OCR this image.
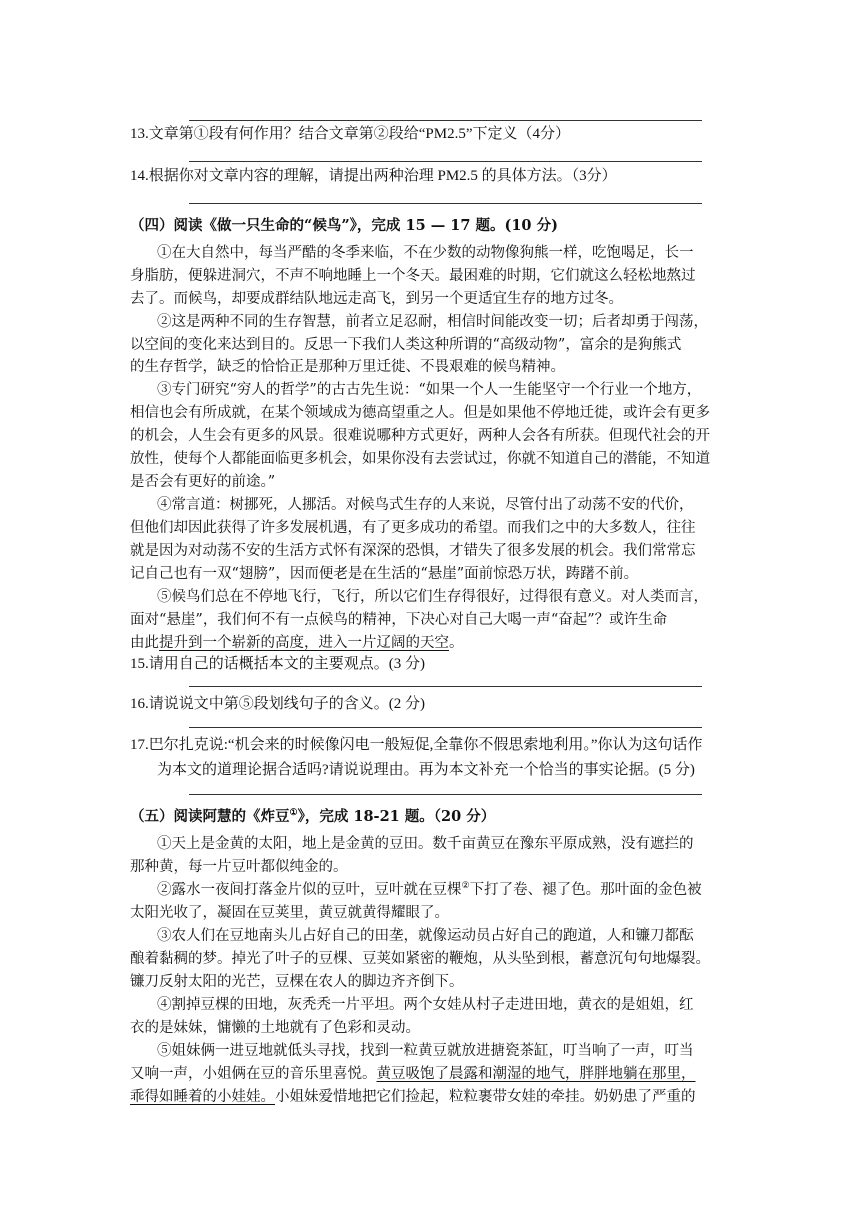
13.文章第①段有何作用？结合文章第②段给“PM2.5”下定义（4分）
14.根据你对文章内容的理解，请提出两种治理 PM2.5 的具体方法。（3分）
（四）阅读《做一只生命的“候鸟”》，完成 15 — 17 题。(10 分)
①在大自然中，每当严酷的冬季来临，不在少数的动物像狗熊一样，吃饱喝足，长一
身脂肪，便躲进洞穴，不声不响地睡上一个冬天。最困难的时期，它们就这么轻松地熬过
去了。而候鸟，却要成群结队地远走高飞，到另一个更适宜生存的地方过冬。
②这是两种不同的生存智慧，前者立足忍耐，相信时间能改变一切；后者却勇于闯荡，
以空间的变化来达到目的。反思一下我们人类这种所谓的“高级动物”，富余的是狗熊式
的生存哲学，缺乏的恰恰正是那种万里迁徙、不畏艰难的候鸟精神。
③专门研究“穷人的哲学”的古古先生说：“如果一个人一生能坚守一个行业一个地方，
相信也会有所成就，在某个领域成为德高望重之人。但是如果他不停地迁徙，或许会有更多
的机会，人生会有更多的风景。很难说哪种方式更好，两种人会各有所获。但现代社会的开
放性，使每个人都能面临更多机会，如果你没有去尝试过，你就不知道自己的潜能，不知道
是否会有更好的前途。”
④常言道：树挪死，人挪活。对候鸟式生存的人来说，尽管付出了动荡不安的代价，
但他们却因此获得了许多发展机遇，有了更多成功的希望。而我们之中的大多数人，往往
就是因为对动荡不安的生活方式怀有深深的恐惧，才错失了很多发展的机会。我们常常忘
记自己也有一双“翅膀”，因而便老是在生活的“悬崖”面前惊恐万状，踌躇不前。
⑤候鸟们总在不停地飞行，飞行，所以它们生存得很好，过得很有意义。对人类而言，
面对“悬崖”，我们何不有一点候鸟的精神，下决心对自己大喝一声“奋起”？或许生命
由此提升到一个崭新的高度，进入一片辽阔的天空。
15.请用自己的话概括本文的主要观点。(3 分)
16.请说说文中第⑤段划线句子的含义。(2 分)
17.巴尔扎克说:“机会来的时候像闪电一般短促,全靠你不假思索地利用。”你认为这句话作
为本文的道理论据合适吗?请说说理由。再为本文补充一个恰当的事实论据。(5 分)
（五）阅读阿慧的《炸豆①》，完成 18-21 题。（20 分）
①天上是金黄的太阳，地上是金黄的豆田。数千亩黄豆在豫东平原成熟，没有遮拦的
那种黄，每一片豆叶都似纯金的。
②露水一夜间打落金片似的豆叶，豆叶就在豆棵②下打了卷、褪了色。那叶面的金色被
太阳光收了，凝固在豆荚里，黄豆就黄得耀眼了。
③农人们在豆地南头儿占好自己的田垄，就像运动员占好自己的跑道，人和镰刀都酝
酿着黏稠的梦。掉光了叶子的豆棵、豆荚如紧密的鞭炮，从头坠到根，蓄意沉句句地爆裂。
镰刀反射太阳的光芒，豆棵在农人的脚边齐齐倒下。
④割掉豆棵的田地，灰秃秃一片平坦。两个女娃从村子走进田地，黄衣的是姐姐，红
衣的是妹妹，慵懒的土地就有了色彩和灵动。
⑤姐妹俩一进豆地就低头寻找，找到一粒黄豆就放进搪瓷茶缸，叮当响了一声，叮当
又响一声，小姐俩在豆的音乐里喜悦。黄豆吸饱了晨露和潮湿的地气，胖胖地躺在那里，
乖得如睡着的小娃娃。小姐妹爱惜地把它们捡起，粒粒裹带女娃的牵挂。奶奶患了严重的
